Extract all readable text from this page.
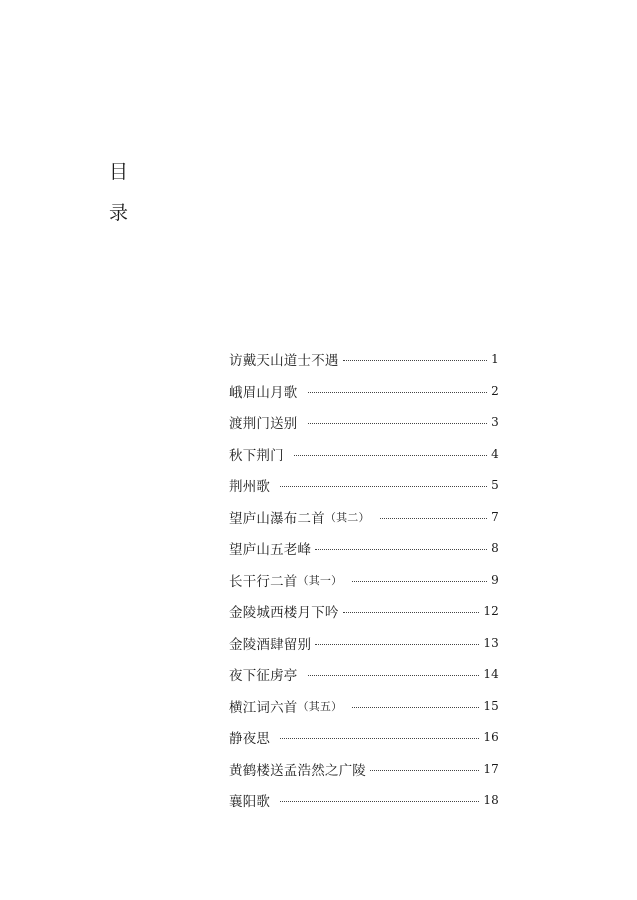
目
录
访戴天山道士不遇	1
峨眉山月歌	2
渡荆门送别	3
秋下荆门	4
荆州歌	5
望庐山瀑布二首 （其二）	7
望庐山五老峰	8
长干行二首 （其一）	9
金陵城西楼月下吟	12
金陵酒肆留别	13
夜下征虏亭	14
横江词六首 （其五）	15
静夜思	16
黄鹤楼送孟浩然之广陵	17
襄阳歌	18
